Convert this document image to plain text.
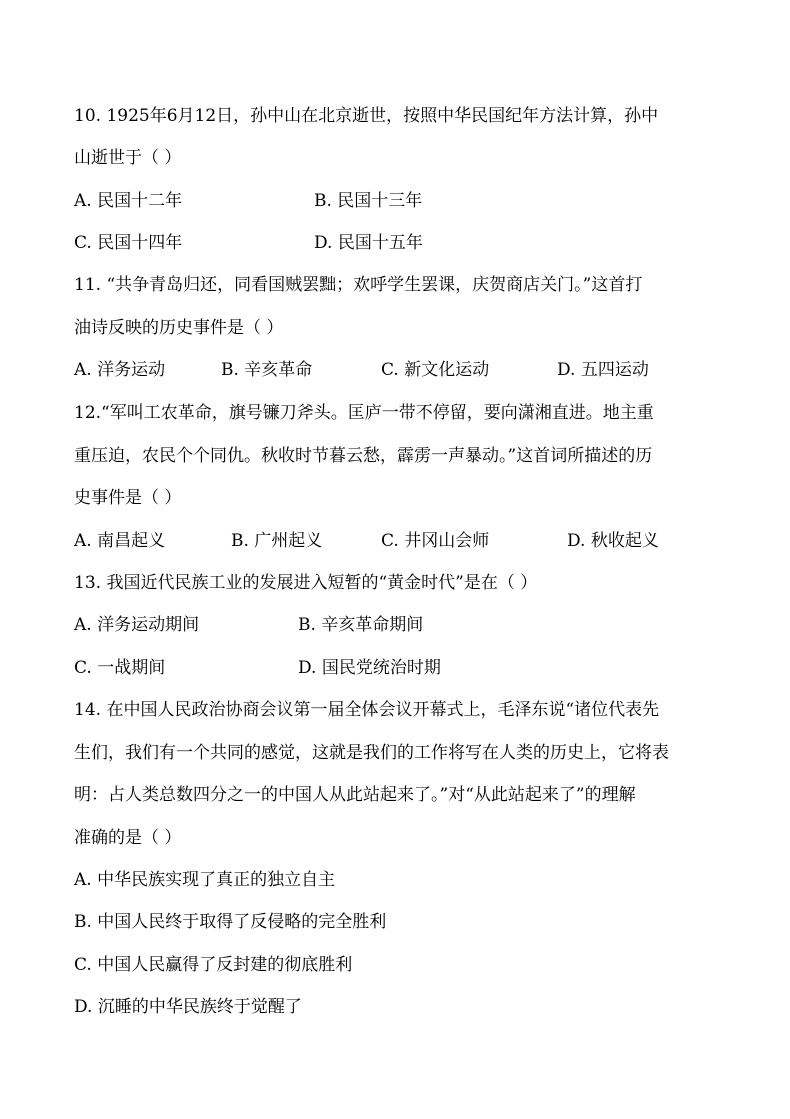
10. 1925年6月12日，孙中山在北京逝世，按照中华民国纪年方法计算，孙中
山逝世于（ ）
A. 民国十二年	B. 民国十三年
C. 民国十四年	D. 民国十五年
11. “共争青岛归还，同看国贼罢黜；欢呼学生罢课，庆贺商店关门。”这首打
油诗反映的历史事件是（ ）
A. 洋务运动	B. 辛亥革命	C. 新文化运动	D. 五四运动
12.“军叫工农革命，旗号镰刀斧头。匡庐一带不停留，要向潇湘直进。地主重
重压迫，农民个个同仇。秋收时节暮云愁，霹雳一声暴动。”这首词所描述的历
史事件是（ ）
A. 南昌起义	B. 广州起义	C. 井冈山会师	D. 秋收起义
13. 我国近代民族工业的发展进入短暂的“黄金时代”是在（ ）
A. 洋务运动期间	B. 辛亥革命期间
C. 一战期间	D. 国民党统治时期
14. 在中国人民政治协商会议第一届全体会议开幕式上，毛泽东说“诸位代表先
生们，我们有一个共同的感觉，这就是我们的工作将写在人类的历史上，它将表
明：占人类总数四分之一的中国人从此站起来了。”对“从此站起来了”的理解
准确的是（ ）
A. 中华民族实现了真正的独立自主
B. 中国人民终于取得了反侵略的完全胜利
C. 中国人民赢得了反封建的彻底胜利
D. 沉睡的中华民族终于觉醒了
